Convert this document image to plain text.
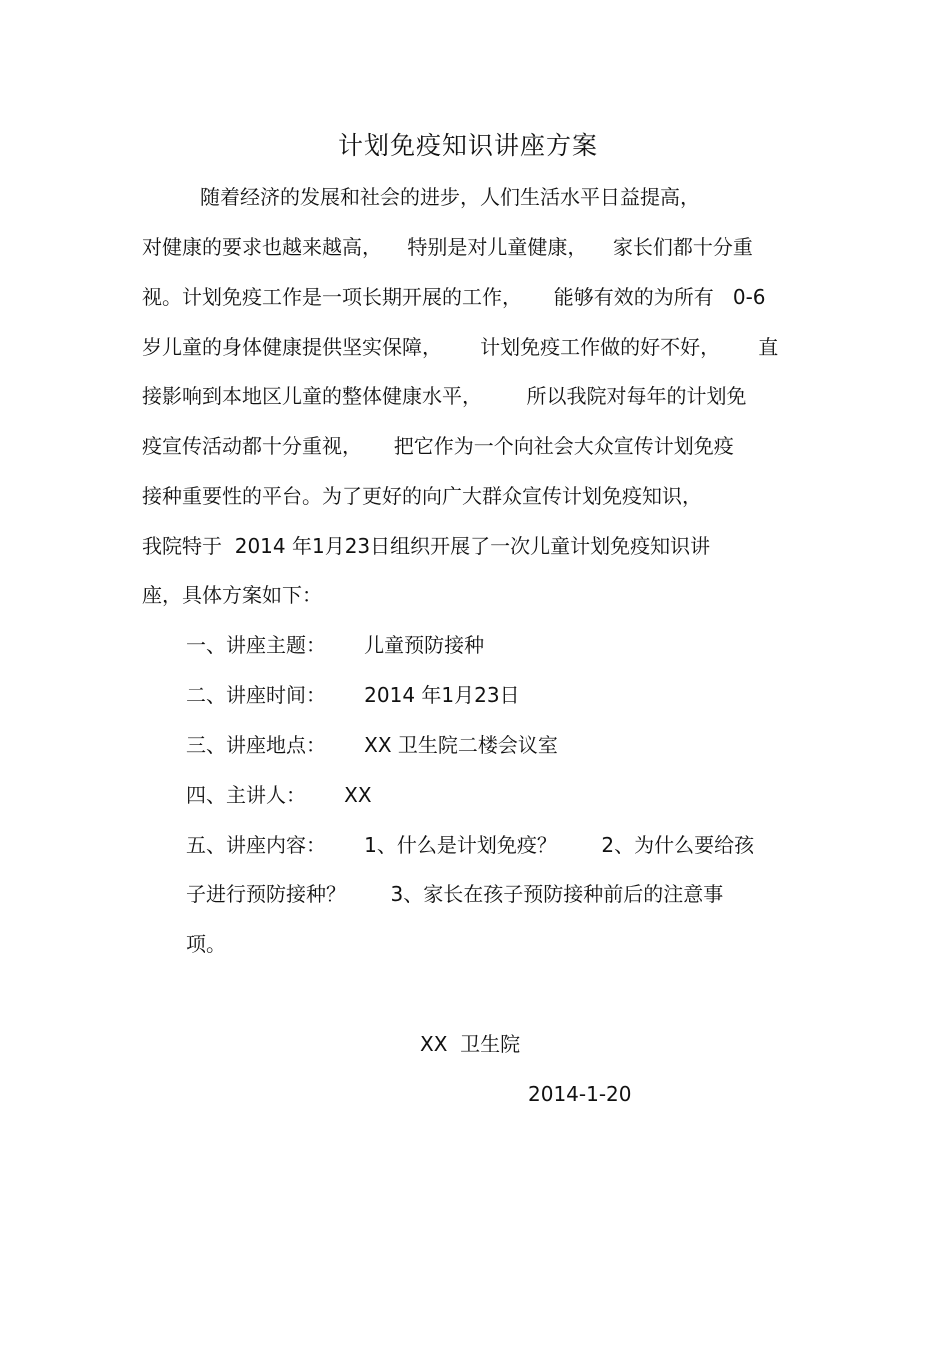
计划免疫知识讲座方案
随着经济的发展和社会的进步，人们生活水平日益提高，
对健康的要求也越来越高，    特别是对儿童健康，    家长们都十分重
视。计划免疫工作是一项长期开展的工作，     能够有效的为所有   0-6
岁儿童的身体健康提供坚实保障，      计划免疫工作做的好不好，      直
接影响到本地区儿童的整体健康水平，       所以我院对每年的计划免
疫宣传活动都十分重视，     把它作为一个向社会大众宣传计划免疫
接种重要性的平台。为了更好的向广大群众宣传计划免疫知识，
我院特于  2014 年1月23日组织开展了一次儿童计划免疫知识讲
座，具体方案如下：
一、讲座主题：      儿童预防接种
二、讲座时间：      2014 年1月23日
三、讲座地点：      XX 卫生院二楼会议室
四、主讲人：      XX
五、讲座内容：      1、什么是计划免疫？       2、为什么要给孩
子进行预防接种？       3、家长在孩子预防接种前后的注意事
项。
XX  卫生院
2014-1-20
